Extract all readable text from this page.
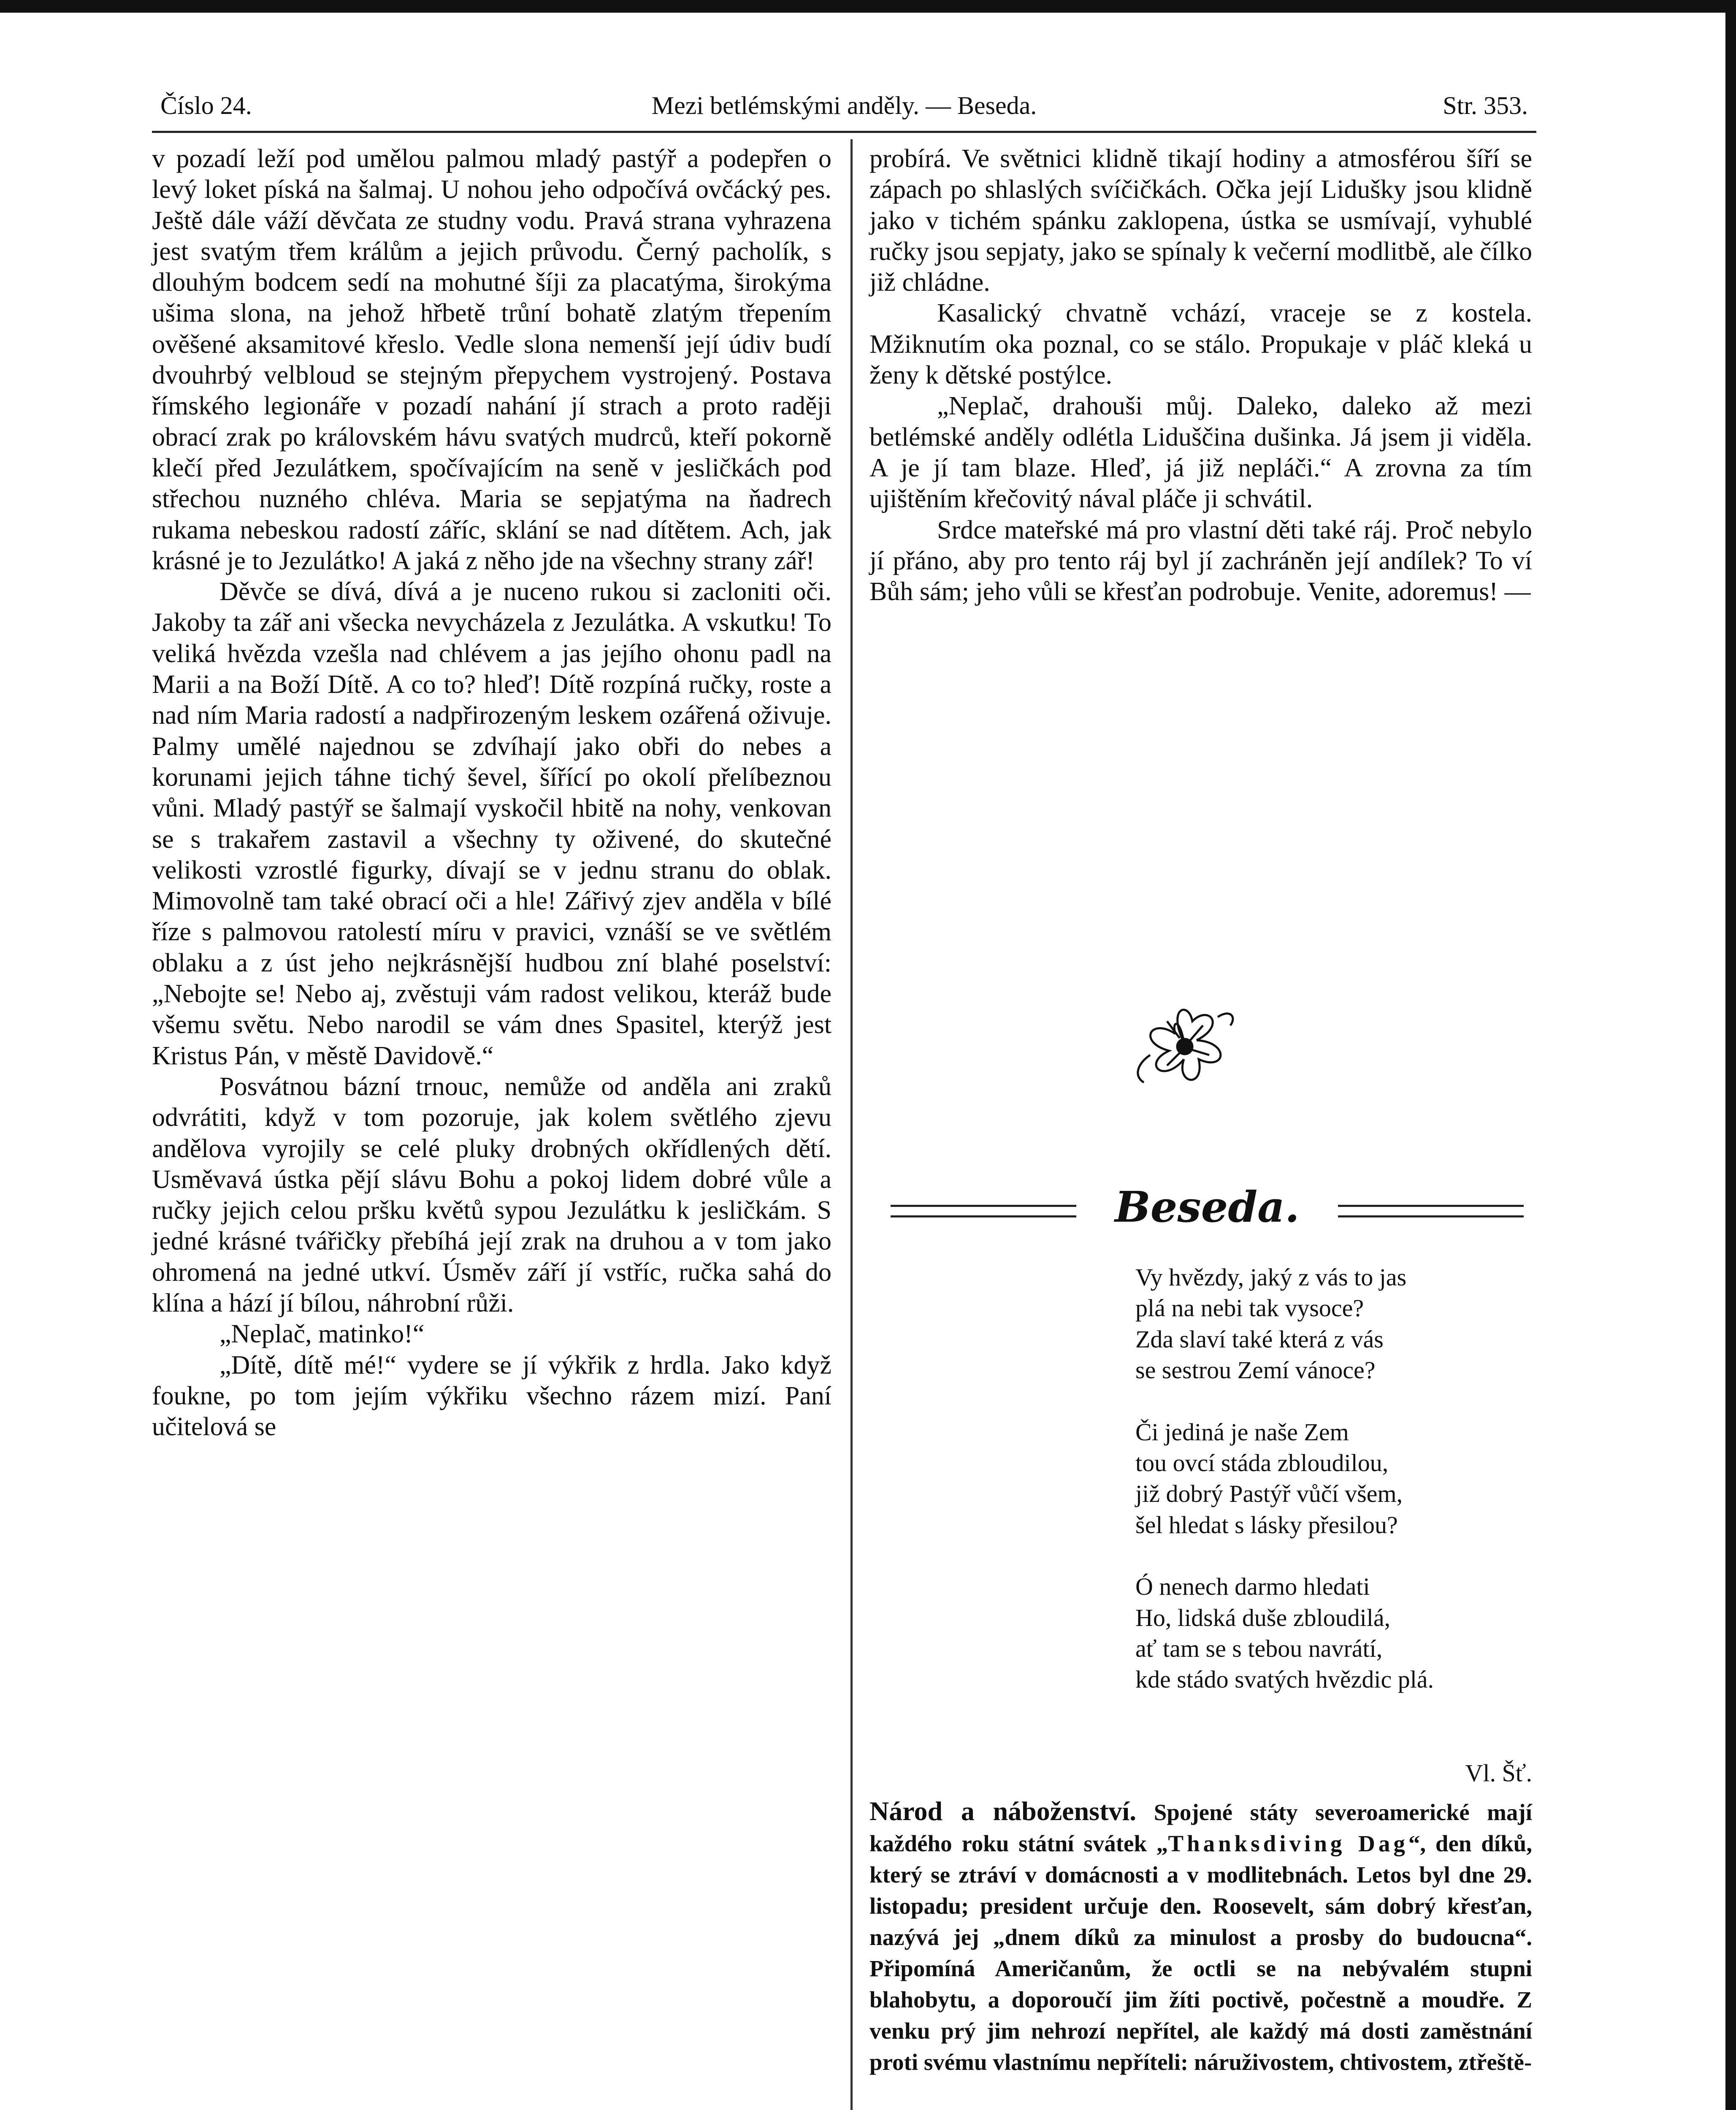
Mezi betlémskými anděly. — Beseda.
Číslo 24.	Str. 353.

v pozadí leží pod umělou palmou mladý pastýř a podepřen o levý loket píská na šalmaj. U nohou jeho odpočívá ovčácký pes. Ještě dále váží děvčata ze studny vodu. Pravá strana vyhrazena jest svatým třem králům a jejich průvodu. Černý pacholík, s dlouhým bodcem sedí na mohutné šíji za placatýma, širokýma ušima slona, na jehož hřbetě trůní bohatě zlatým třepením ověšené aksamitové křeslo. Vedle slona nemenší její údiv budí dvouhrbý velbloud se stejným přepychem vystrojený. Postava římského legionáře v pozadí nahání jí strach a proto raději obrací zrak po královském hávu svatých mudrců, kteří pokorně klečí před Jezulátkem, spočívajícím na seně v jesličkách pod střechou nuzného chléva. Maria se sepjatýma na ňadrech rukama nebeskou radostí záříc, sklání se nad dítětem. Ach, jak krásné je to Jezulátko! A jaká z něho jde na všechny strany zář!

Děvče se dívá, dívá a je nuceno rukou si zacloniti oči. Jakoby ta zář ani všecka nevycházela z Jezulátka. A vskutku! To veliká hvězda vzešla nad chlévem a jas jejího ohonu padl na Marii a na Boží Dítě. A co to? hleď! Dítě rozpíná ručky, roste a nad ním Maria radostí a nadpřirozeným leskem ozářená oživuje. Palmy umělé najednou se zdvíhají jako obři do nebes a korunami jejich táhne tichý ševel, šířící po okolí přelíbeznou vůni. Mladý pastýř se šalmají vyskočil hbitě na nohy, venkovan se s trakařem zastavil a všechny ty oživené, do skutečné velikosti vzrostlé figurky, dívají se v jednu stranu do oblak. Mimovolně tam také obrací oči a hle! Zářivý zjev anděla v bílé říze s palmovou ratolestí míru v pravici, vznáší se ve světlém oblaku a z úst jeho nejkrásnější hudbou zní blahé poselství: „Nebojte se! Nebo aj, zvěstuji vám radost velikou, kteráž bude všemu světu. Nebo narodil se vám dnes Spasitel, kterýž jest Kristus Pán, v městě Davidově.“

Posvátnou bázní trnouc, nemůže od anděla ani zraků odvrátiti, když v tom pozoruje, jak kolem světlého zjevu andělova vyrojily se celé pluky drobných okřídlených dětí. Usměvavá ústka pějí slávu Bohu a pokoj lidem dobré vůle a ručky jejich celou pršku květů sypou Jezulátku k jesličkám. S jedné krásné tvářičky přebíhá její zrak na druhou a v tom jako ohromená na jedné utkví. Úsměv září jí vstříc, ručka sahá do klína a hází jí bílou, náhrobní růži.

„Neplač, matinko!“

„Dítě, dítě mé!“ vydere se jí výkřik z hrdla. Jako když foukne, po tom jejím výkřiku všechno rázem mizí. Paní učitelová se

probírá. Ve světnici klidně tikají hodiny a atmosférou šíří se zápach po shlaslých svíčičkách. Očka její Lidušky jsou klidně jako v tichém spánku zaklopena, ústka se usmívají, vyhublé ručky jsou sepjaty, jako se spínaly k večerní modlitbě, ale čílko již chládne.

Kasalický chvatně vchází, vraceje se z kostela. Mžiknutím oka poznal, co se stálo. Propukaje v pláč kleká u ženy k dětské postýlce.

„Neplač, drahouši můj. Daleko, daleko až mezi betlémské anděly odlétla Liduščina dušinka. Já jsem ji viděla. A je jí tam blaze. Hleď, já již nepláči.“ A zrovna za tím ujištěním křečovitý nával pláče ji schvátil.

Srdce mateřské má pro vlastní děti také ráj. Proč nebylo jí přáno, aby pro tento ráj byl jí zachráněn její andílek? To ví Bůh sám; jeho vůli se křesťan podrobuje. Venite, adoremus! —

Beseda.
Vy hvězdy, jaký z vás to jas
plá na nebi tak vysoce?
Zda slaví také která z vás
se sestrou Zemí vánoce?
Či jediná je naše Zem
tou ovcí stáda zbloudilou,
již dobrý Pastýř vůčí všem,
šel hledat s lásky přesilou?
Ó nenech darmo hledati
Ho, lidská duše zbloudilá,
ať tam se s tebou navrátí,
kde stádo svatých hvězdic plá.
Vl. Šť.
Národ a náboženství. Spojené státy severoamerické mají každého roku státní svátek „Thanksdiving Dag“, den díků, který se ztráví v domácnosti a v modlitebnách. Letos byl dne 29. listopadu; president určuje den. Roosevelt, sám dobrý křesťan, nazývá jej „dnem díků za minulost a prosby do budoucna“. Připomíná Američanům, že octli se na nebývalém stupni blahobytu, a doporoučí jim žíti poctivě, počestně a moudře. Z venku prý jim nehrozí nepřítel, ale každý má dosti zaměstnání proti svému vlastnímu nepříteli: náruživostem, chtivostem, ztřeště-
